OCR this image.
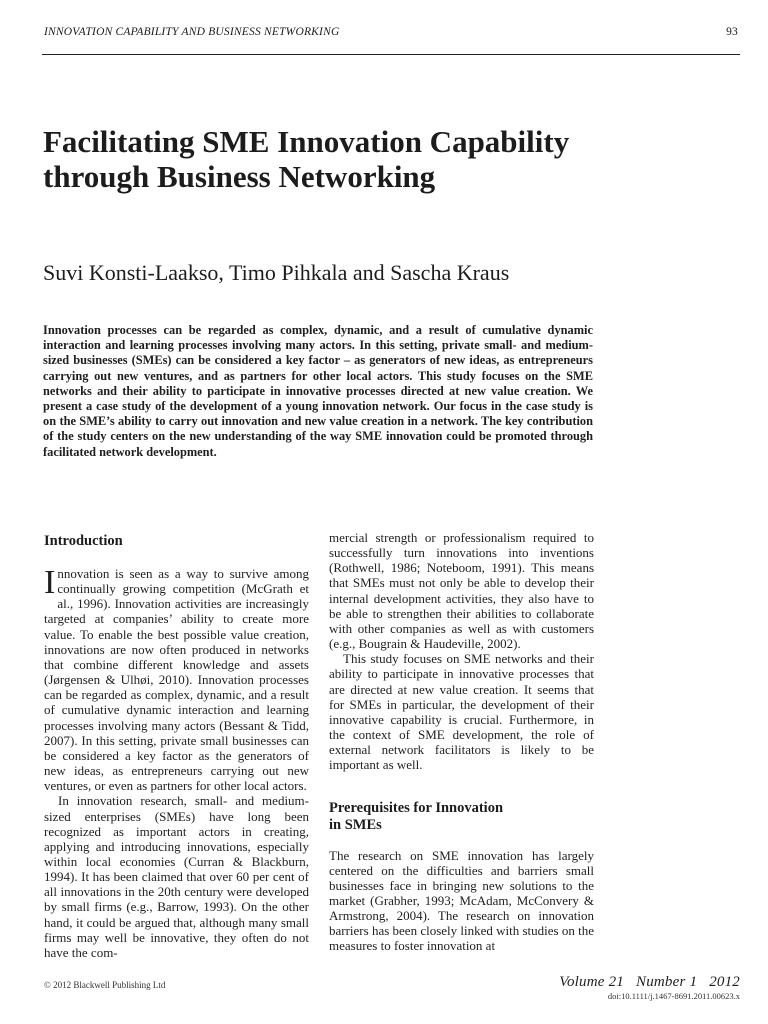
INNOVATION CAPABILITY AND BUSINESS NETWORKING	93
Facilitating SME Innovation Capability through Business Networking
Suvi Konsti-Laakso, Timo Pihkala and Sascha Kraus

Innovation processes can be regarded as complex, dynamic, and a result of cumulative dynamic interaction and learning processes involving many actors. In this setting, private small- and medium-sized businesses (SMEs) can be considered a key factor – as generators of new ideas, as entrepreneurs carrying out new ventures, and as partners for other local actors. This study focuses on the SME networks and their ability to participate in innovative processes directed at new value creation. We present a case study of the development of a young innovation network. Our focus in the case study is on the SME’s ability to carry out innovation and new value creation in a network. The key contribution of the study centers on the new understanding of the way SME innovation could be promoted through facilitated network development.

Introduction

Innovation is seen as a way to survive among continually growing competition (McGrath et al., 1996). Innovation activities are increasingly targeted at companies’ ability to create more value. To enable the best possible value creation, innovations are now often produced in networks that combine different knowledge and assets (Jørgensen & Ulhøi, 2010). Innovation processes can be regarded as complex, dynamic, and a result of cumulative dynamic interaction and learning processes involving many actors (Bessant & Tidd, 2007). In this setting, private small businesses can be considered a key factor as the generators of new ideas, as entrepreneurs carrying out new ventures, or even as partners for other local actors.

In innovation research, small- and medium-sized enterprises (SMEs) have long been recognized as important actors in creating, applying and introducing innovations, especially within local economies (Curran & Blackburn, 1994). It has been claimed that over 60 per cent of all innovations in the 20th century were developed by small firms (e.g., Barrow, 1993). On the other hand, it could be argued that, although many small firms may well be innovative, they often do not have the com-

mercial strength or professionalism required to successfully turn innovations into inventions (Rothwell, 1986; Noteboom, 1991). This means that SMEs must not only be able to develop their internal development activities, they also have to be able to strengthen their abilities to collaborate with other companies as well as with customers (e.g., Bougrain & Haudeville, 2002).

This study focuses on SME networks and their ability to participate in innovative processes that are directed at new value creation. It seems that for SMEs in particular, the development of their innovative capability is crucial. Furthermore, in the context of SME development, the role of external network facilitators is likely to be important as well.

Prerequisites for Innovation
in SMEs

The research on SME innovation has largely centered on the difficulties and barriers small businesses face in bringing new solutions to the market (Grabher, 1993; McAdam, McConvery & Armstrong, 2004). The research on innovation barriers has been closely linked with studies on the measures to foster innovation at

© 2012 Blackwell Publishing Ltd	Volume 21 Number 1 2012
doi:10.1111/j.1467-8691.2011.00623.x
